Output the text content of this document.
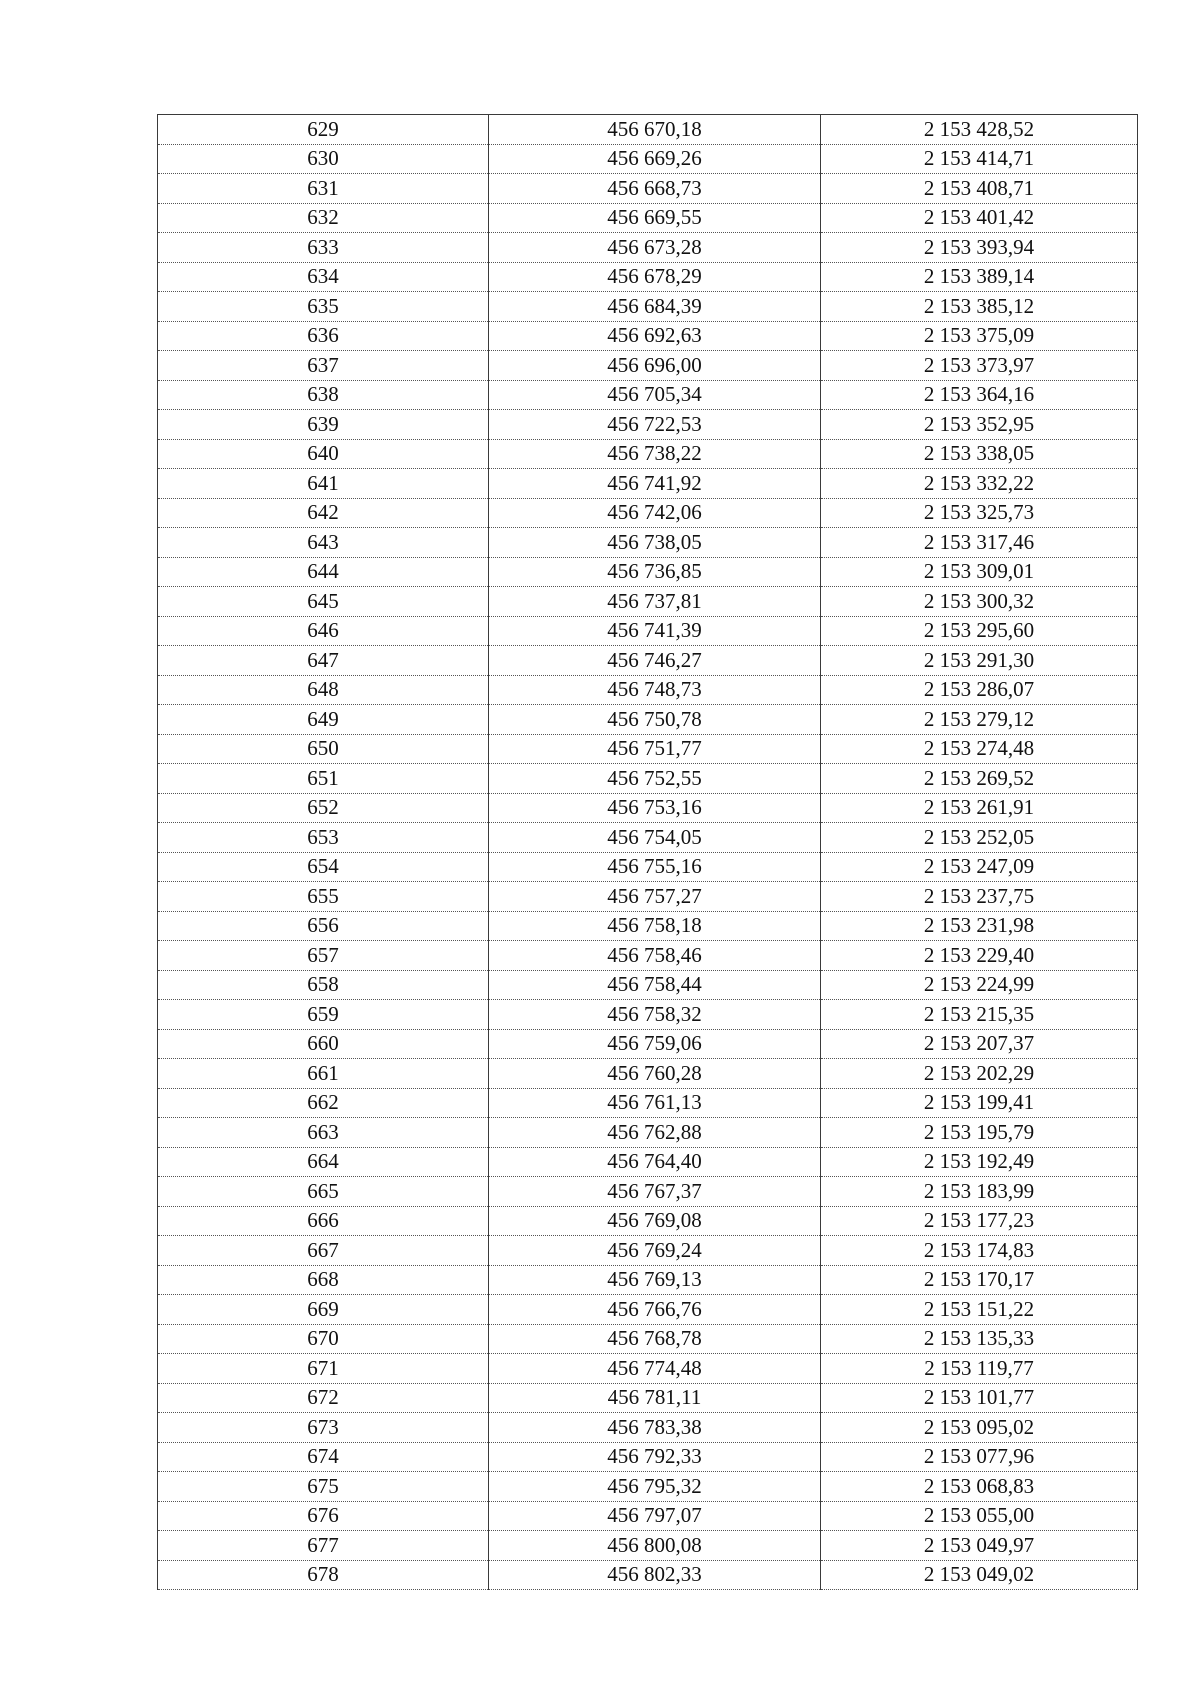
629	456 670,18	2 153 428,52
630	456 669,26	2 153 414,71
631	456 668,73	2 153 408,71
632	456 669,55	2 153 401,42
633	456 673,28	2 153 393,94
634	456 678,29	2 153 389,14
635	456 684,39	2 153 385,12
636	456 692,63	2 153 375,09
637	456 696,00	2 153 373,97
638	456 705,34	2 153 364,16
639	456 722,53	2 153 352,95
640	456 738,22	2 153 338,05
641	456 741,92	2 153 332,22
642	456 742,06	2 153 325,73
643	456 738,05	2 153 317,46
644	456 736,85	2 153 309,01
645	456 737,81	2 153 300,32
646	456 741,39	2 153 295,60
647	456 746,27	2 153 291,30
648	456 748,73	2 153 286,07
649	456 750,78	2 153 279,12
650	456 751,77	2 153 274,48
651	456 752,55	2 153 269,52
652	456 753,16	2 153 261,91
653	456 754,05	2 153 252,05
654	456 755,16	2 153 247,09
655	456 757,27	2 153 237,75
656	456 758,18	2 153 231,98
657	456 758,46	2 153 229,40
658	456 758,44	2 153 224,99
659	456 758,32	2 153 215,35
660	456 759,06	2 153 207,37
661	456 760,28	2 153 202,29
662	456 761,13	2 153 199,41
663	456 762,88	2 153 195,79
664	456 764,40	2 153 192,49
665	456 767,37	2 153 183,99
666	456 769,08	2 153 177,23
667	456 769,24	2 153 174,83
668	456 769,13	2 153 170,17
669	456 766,76	2 153 151,22
670	456 768,78	2 153 135,33
671	456 774,48	2 153 119,77
672	456 781,11	2 153 101,77
673	456 783,38	2 153 095,02
674	456 792,33	2 153 077,96
675	456 795,32	2 153 068,83
676	456 797,07	2 153 055,00
677	456 800,08	2 153 049,97
678	456 802,33	2 153 049,02
